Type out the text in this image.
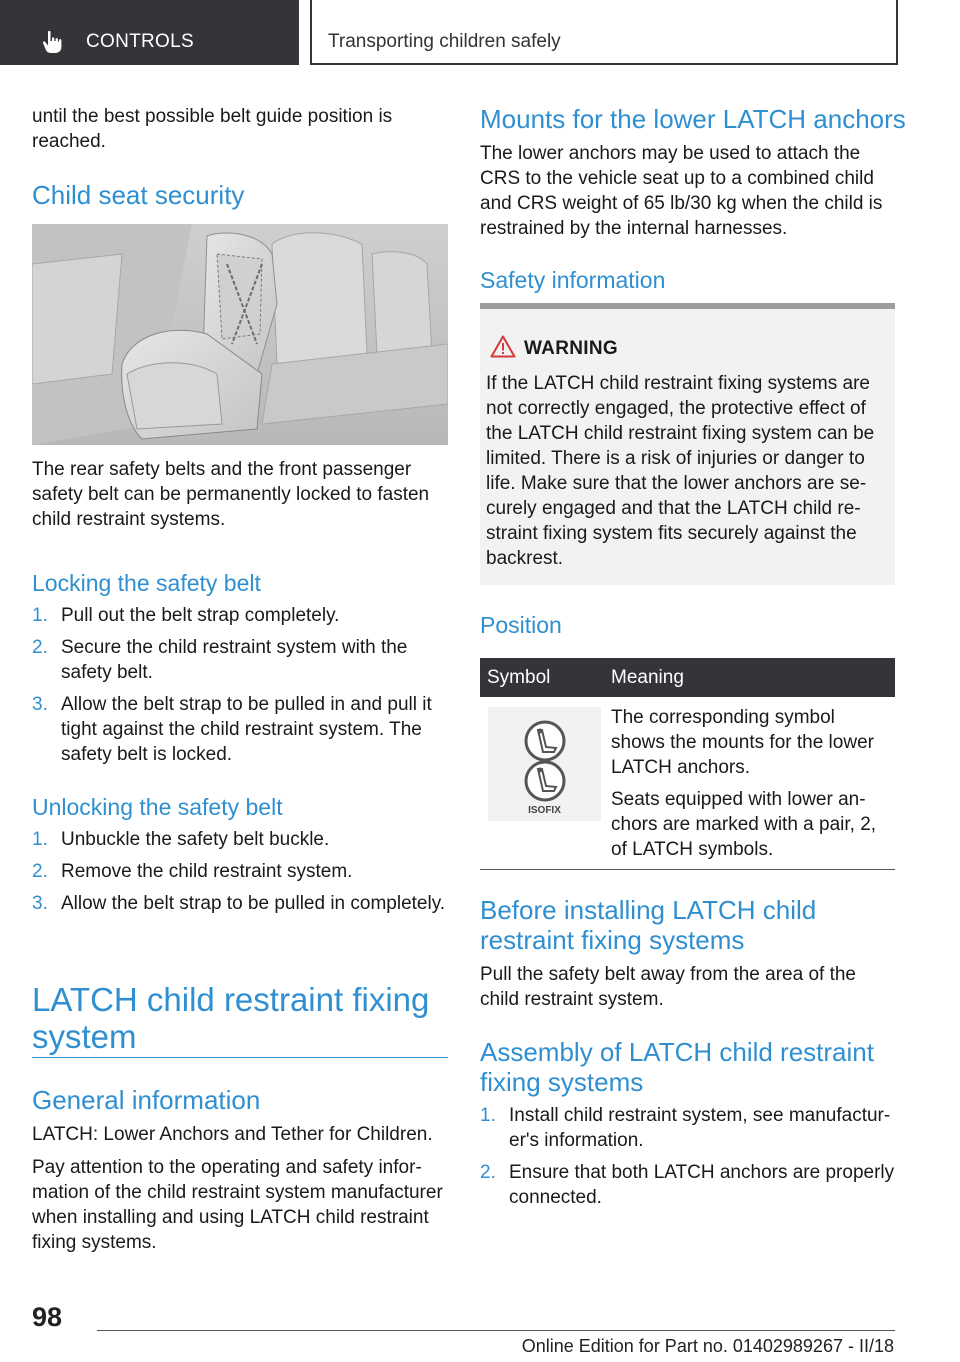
CONTROLS	Transporting children safely

until the best possible belt guide position is reached.

Child seat security

The rear safety belts and the front passenger safety belt can be permanently locked to fasten child restraint systems.

Locking the safety belt
1. Pull out the belt strap completely.
2. Secure the child restraint system with the safety belt.
3. Allow the belt strap to be pulled in and pull it tight against the child restraint system. The safety belt is locked.
Unlocking the safety belt
1. Unbuckle the safety belt buckle.
2. Remove the child restraint system.
3. Allow the belt strap to be pulled in completely.
LATCH child restraint fixing system
General information

LATCH: Lower Anchors and Tether for Children.

Pay attention to the operating and safety information of the child restraint system manufacturer when installing and using LATCH child restraint fixing systems.

Mounts for the lower LATCH anchors

The lower anchors may be used to attach the CRS to the vehicle seat up to a combined child and CRS weight of 65 lb/30 kg when the child is restrained by the internal harnesses.

Safety information
WARNING
If the LATCH child restraint fixing systems are not correctly engaged, the protective effect of the LATCH child restraint fixing system can be limited. There is a risk of injuries or danger to life. Make sure that the lower anchors are securely engaged and that the LATCH child restraint fixing system fits securely against the backrest.
Position
Symbol	Meaning
ISOFIX

The corresponding symbol shows the mounts for the lower LATCH anchors.

Seats equipped with lower anchors are marked with a pair, 2, of LATCH symbols.

Before installing LATCH child restraint fixing systems

Pull the safety belt away from the area of the child restraint system.

Assembly of LATCH child restraint fixing systems
1. Install child restraint system, see manufacturer's information.
2. Ensure that both LATCH anchors are properly connected.
98
Online Edition for Part no. 01402989267 - II/18
